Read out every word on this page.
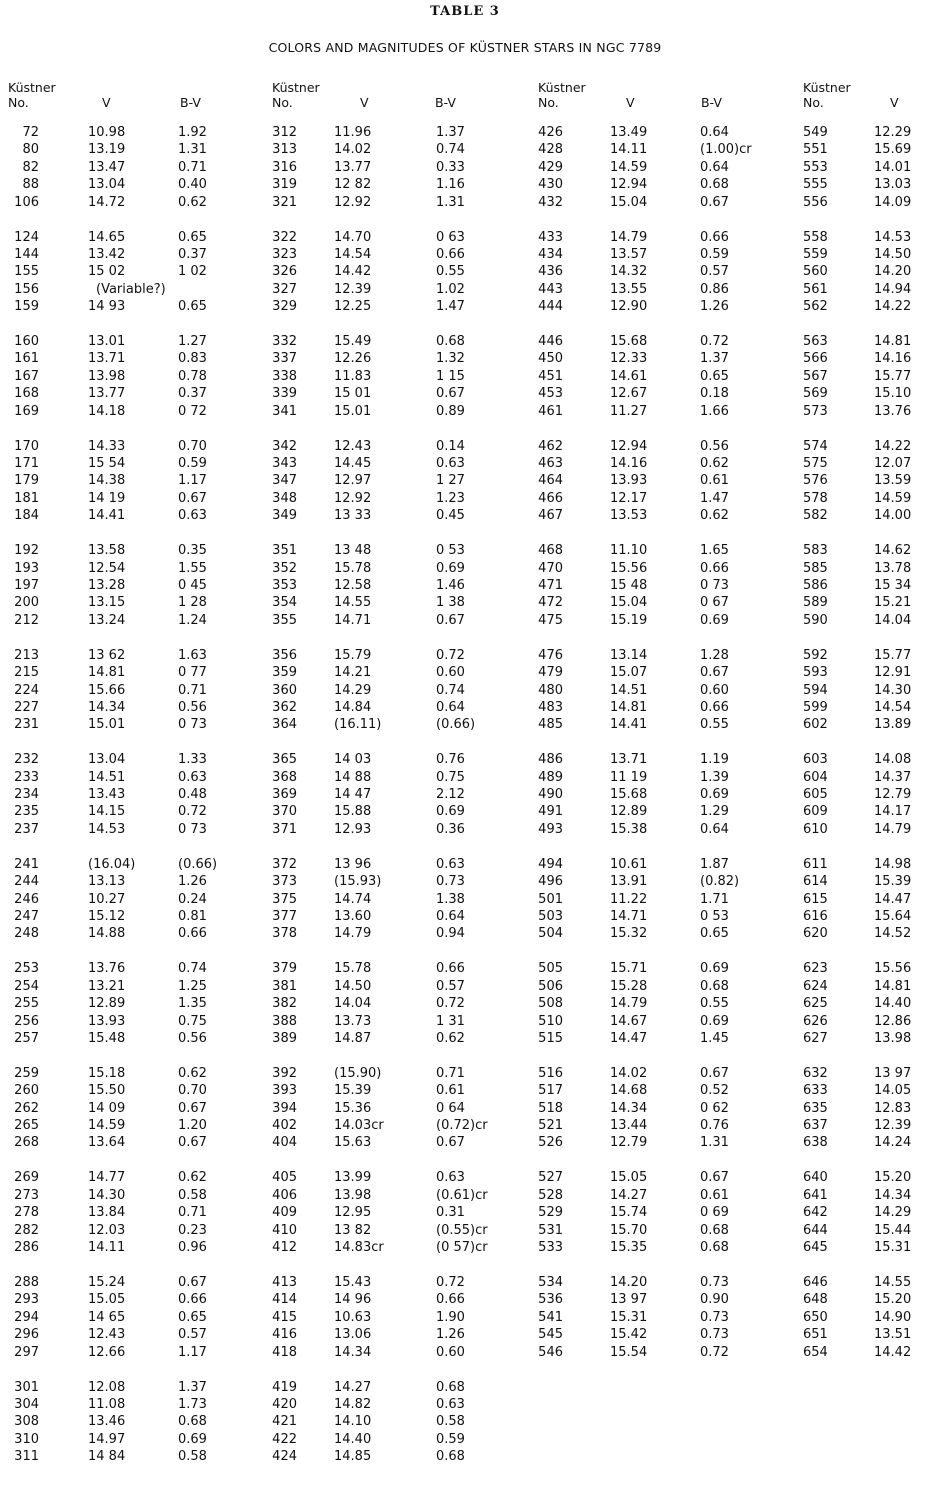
TABLE 3
COLORS AND MAGNITUDES OF KÜSTNER STARS IN NGC 7789
Küstner
No.	V	B-V
72	10.98	1.92
80	13.19	1.31
82	13.47	0.71
88	13.04	0.40
106	14.72	0.62
124	14.65	0.65
144	13.42	0.37
155	15 02	1 02
156	(Variable?)
159	14 93	0.65
160	13.01	1.27
161	13.71	0.83
167	13.98	0.78
168	13.77	0.37
169	14.18	0 72
170	14.33	0.70
171	15 54	0.59
179	14.38	1.17
181	14 19	0.67
184	14.41	0.63
192	13.58	0.35
193	12.54	1.55
197	13.28	0 45
200	13.15	1 28
212	13.24	1.24
213	13 62	1.63
215	14.81	0 77
224	15.66	0.71
227	14.34	0.56
231	15.01	0 73
232	13.04	1.33
233	14.51	0.63
234	13.43	0.48
235	14.15	0.72
237	14.53	0 73
241	(16.04)	(0.66)
244	13.13	1.26
246	10.27	0.24
247	15.12	0.81
248	14.88	0.66
253	13.76	0.74
254	13.21	1.25
255	12.89	1.35
256	13.93	0.75
257	15.48	0.56
259	15.18	0.62
260	15.50	0.70
262	14 09	0.67
265	14.59	1.20
268	13.64	0.67
269	14.77	0.62
273	14.30	0.58
278	13.84	0.71
282	12.03	0.23
286	14.11	0.96
288	15.24	0.67
293	15.05	0.66
294	14 65	0.65
296	12.43	0.57
297	12.66	1.17
301	12.08	1.37
304	11.08	1.73
308	13.46	0.68
310	14.97	0.69
311	14 84	0.58
Küstner
No.	V	B-V
312	11.96	1.37
313	14.02	0.74
316	13.77	0.33
319	12 82	1.16
321	12.92	1.31
322	14.70	0 63
323	14.54	0.66
326	14.42	0.55
327	12.39	1.02
329	12.25	1.47
332	15.49	0.68
337	12.26	1.32
338	11.83	1 15
339	15 01	0.67
341	15.01	0.89
342	12.43	0.14
343	14.45	0.63
347	12.97	1 27
348	12.92	1.23
349	13 33	0.45
351	13 48	0 53
352	15.78	0.69
353	12.58	1.46
354	14.55	1 38
355	14.71	0.67
356	15.79	0.72
359	14.21	0.60
360	14.29	0.74
362	14.84	0.64
364	(16.11)	(0.66)
365	14 03	0.76
368	14 88	0.75
369	14 47	2.12
370	15.88	0.69
371	12.93	0.36
372	13 96	0.63
373	(15.93)	0.73
375	14.74	1.38
377	13.60	0.64
378	14.79	0.94
379	15.78	0.66
381	14.50	0.57
382	14.04	0.72
388	13.73	1 31
389	14.87	0.62
392	(15.90)	0.71
393	15.39	0.61
394	15.36	0 64
402	14.03cr	(0.72)cr
404	15.63	0.67
405	13.99	0.63
406	13.98	(0.61)cr
409	12.95	0.31
410	13 82	(0.55)cr
412	14.83cr	(0 57)cr
413	15.43	0.72
414	14 96	0.66
415	10.63	1.90
416	13.06	1.26
418	14.34	0.60
419	14.27	0.68
420	14.82	0.63
421	14.10	0.58
422	14.40	0.59
424	14.85	0.68
Küstner
No.	V	B-V
426	13.49	0.64
428	14.11	(1.00)cr
429	14.59	0.64
430	12.94	0.68
432	15.04	0.67
433	14.79	0.66
434	13.57	0.59
436	14.32	0.57
443	13.55	0.86
444	12.90	1.26
446	15.68	0.72
450	12.33	1.37
451	14.61	0.65
453	12.67	0.18
461	11.27	1.66
462	12.94	0.56
463	14.16	0.62
464	13.93	0.61
466	12.17	1.47
467	13.53	0.62
468	11.10	1.65
470	15.56	0.66
471	15 48	0 73
472	15.04	0 67
475	15.19	0.69
476	13.14	1.28
479	15.07	0.67
480	14.51	0.60
483	14.81	0.66
485	14.41	0.55
486	13.71	1.19
489	11 19	1.39
490	15.68	0.69
491	12.89	1.29
493	15.38	0.64
494	10.61	1.87
496	13.91	(0.82)
501	11.22	1.71
503	14.71	0 53
504	15.32	0.65
505	15.71	0.69
506	15.28	0.68
508	14.79	0.55
510	14.67	0.69
515	14.47	1.45
516	14.02	0.67
517	14.68	0.52
518	14.34	0 62
521	13.44	0.76
526	12.79	1.31
527	15.05	0.67
528	14.27	0.61
529	15.74	0 69
531	15.70	0.68
533	15.35	0.68
534	14.20	0.73
536	13 97	0.90
541	15.31	0.73
545	15.42	0.73
546	15.54	0.72
Küstner
No.	V
549	12.29
551	15.69
553	14.01
555	13.03
556	14.09
558	14.53
559	14.50
560	14.20
561	14.94
562	14.22
563	14.81
566	14.16
567	15.77
569	15.10
573	13.76
574	14.22
575	12.07
576	13.59
578	14.59
582	14.00
583	14.62
585	13.78
586	15 34
589	15.21
590	14.04
592	15.77
593	12.91
594	14.30
599	14.54
602	13.89
603	14.08
604	14.37
605	12.79
609	14.17
610	14.79
611	14.98
614	15.39
615	14.47
616	15.64
620	14.52
623	15.56
624	14.81
625	14.40
626	12.86
627	13.98
632	13 97
633	14.05
635	12.83
637	12.39
638	14.24
640	15.20
641	14.34
642	14.29
644	15.44
645	15.31
646	14.55
648	15.20
650	14.90
651	13.51
654	14.42
